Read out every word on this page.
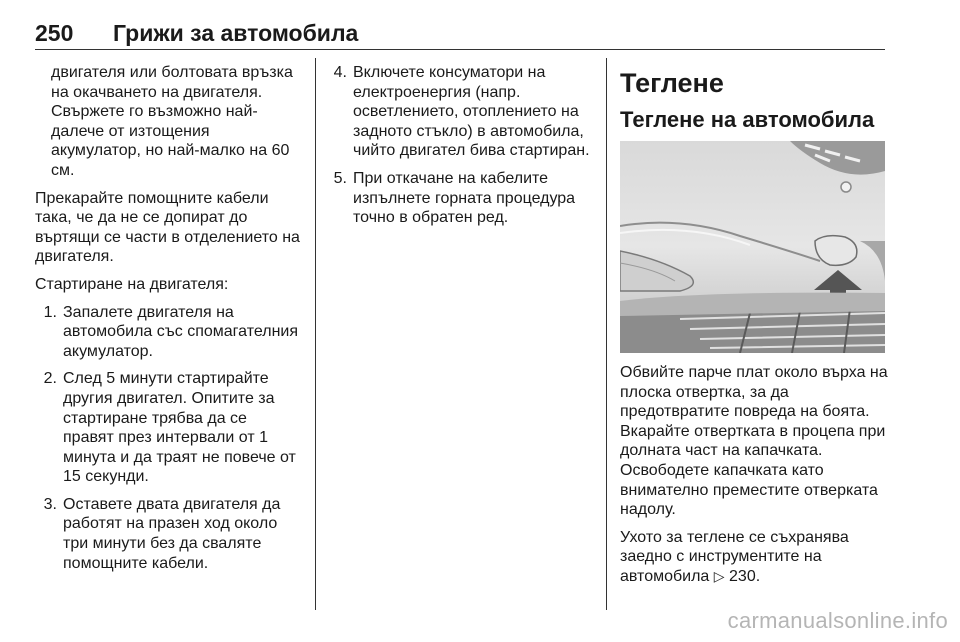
250 Грижи за автомобила

двигателя или болтовата връзка на окачването на двигателя. Свържете го възможно най-далече от изтощения акумулатор, но най-малко на 60 см.

Прекарайте помощните кабели така, че да не се допират до въртящи се части в отделението на двигателя.

Стартиране на двигателя:

1. Запалете двигателя на автомобила със спомагателния акумулатор.
2. След 5 минути стартирайте другия двигател. Опитите за стартиране трябва да се правят през интервали от 1 минута и да траят не повече от 15 секунди.
3. Оставете двата двигателя да работят на празен ход около три минути без да сваляте помощните кабели.
4. Включете консуматори на електроенергия (напр. осветлението, отоплението на задното стъкло) в автомобила, чийто двигател бива стартиран.
5. При откачане на кабелите изпълнете горната процедура точно в обратен ред.
Теглене
Теглене на автомобила

Обвийте парче плат около върха на плоска отвертка, за да предотвратите повреда на боята. Вкарайте отвертката в процепа при долната част на капачката. Освободете капачката като внимателно преместите отверката надолу.

Ухото за теглене се съхранява заедно с инструментите на автомобила ▷ 230.

carmanualsonline.info
